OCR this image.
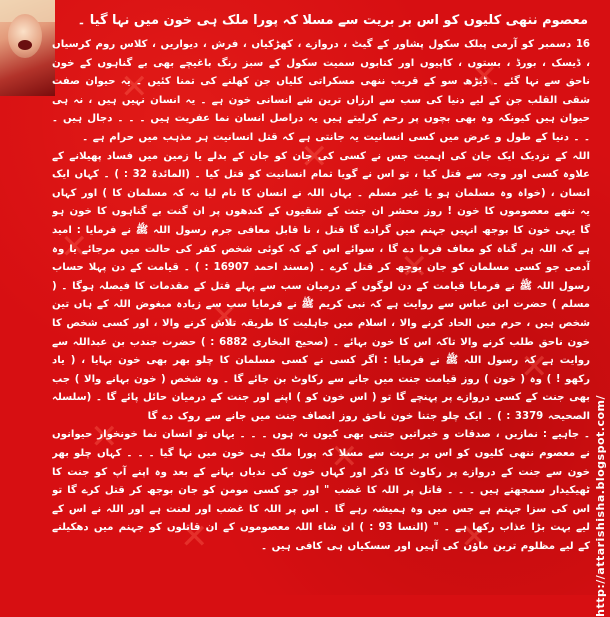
✕
✕
✕
✕
✕
✕
✕
✕	✕
✕	✕
معصوم ننھی کلیوں کو اس بر بریت سے مسلا کہ پورا ملک ہی خون میں نہا گیا ۔

16 دسمبر کو آرمی پبلک سکول پشاور کے گیٹ ، دروازے ، کھڑکیاں ، فرش ، دیواریں ، کلاس روم کرسیاں ، ڈیسک ، بورڈ ، بستوں ، کاپیوں اور کتابوں سمیت سکول کے سبز رنگ باغیچے بھی بے گناہوں کے خون ناحق سے نہا گئے ۔ ڈیڑھ سو کے قریب ننھی مسکراتی کلیاں جن کھلنے کی تمنا کئیں ۔ یہ حیوان صفت شقی القلب جن کے لیے دنیا کی سب سے ارزاں ترین شے انسانی خون ہے ۔ یہ انسان نہیں ہیں ، نہ ہی حیوان ہیں کیونکہ وہ بھی بچوں پر رحم کرلیتے ہیں یہ دراصل انسان نما عفریت ہیں ۔ ۔ ۔ دجال ہیں ۔ ۔ ۔ دنیا کے طول و عرض میں کسی انسانیت یہ جانتی ہے کہ قتل انسانیت ہر مذہب میں حرام ہے ۔

اللہ کے نزدیک ایک جان کی اہمیت جس نے کسی کی جان کو جان کے بدلے یا زمین میں فساد پھیلانے کے علاوہ کسی اور وجہ سے قتل کیا ، تو اس نے گویا تمام انسانیت کو قتل کیا ۔ (المائدۃ 32 : ) ۔ کہاں ایک انسان ، (خواہ وہ مسلمان ہو یا غیر مسلم ۔ یہاں اللہ نے انسان کا نام لیا نہ کہ مسلمان کا ) اور کہاں یہ ننھے معصوموں کا خون ! روز محشر ان جنت کے شقیوں کے کندھوں پر ان گنت بے گناہوں کا خون ہو گا یہی خون کا بوجھ انہیں جہنم میں گرادے گا قتل ، نا قابل معافی جرم رسول اللہ ﷺ نے فرمایا : امید ہے کہ اللہ ہر گناہ کو معاف فرما دے گا ، سوائے اس کے کہ کوئی شخص کفر کی حالت میں مرجائے یا وہ آدمی جو کسی مسلمان کو جان بوجھ کر قتل کرے ۔ (مسند احمد 16907 : ) ۔ قیامت کے دن پہلا حساب رسول اللہ ﷺ نے فرمایا قیامت کے دن لوگوں کے درمیان سب سے پہلے قتل کے مقدمات کا فیصلہ ہوگا ۔ ( مسلم ) حضرت ابن عباس سے روایت ہے کہ نبی کریم ﷺ نے فرمایا سب سے زیادہ مبغوض اللہ کے ہاں تین شخص ہیں ، حرم میں الحاد کرنے والا ، اسلام میں جاہلیت کا طریقہ تلاش کرنے والا ، اور کسی شخص کا خون ناحق طلب کرنے والا تاکہ اس کا خون بہائے ۔ (صحیح البخاری 6882 : ) حضرت جندب بن عبداللہ سے روایت ہے کہ رسول اللہ ﷺ نے فرمایا : اگر کسی نے کسی مسلمان کا چلو بھر بھی خون بہایا ، ( یاد رکھو ! ) وہ ( خون ) روز قیامت جنت میں جانے سے رکاوٹ بن جائے گا ۔ وہ شخص ( خون بہانے والا ) جب بھی جنت کے کسی دروازے پر پہنچے گا تو ( اس خون کو ) اپنے اور جنت کے درمیان حائل پائے گا ۔ (سلسلہ الصحیحہ 3379 : ) ۔ ایک چلو جتنا خون ناحق روز انصاف جنت میں جانے سے روک دے گا

۔ جاہیے : نمازیں ، صدقات و خیراتیں جتنی بھی کیوں نہ ہوں ۔ ۔ ۔ یہاں تو انسان نما خونخوار حیوانوں نے معصوم ننھی کلیوں کو اس بر بریت سے مسلا کہ پورا ملک ہی خون میں نہا گیا ۔ ۔ ۔ کہاں چلو بھر خون سے جنت کے دروازے پر رکاوٹ کا ذکر اور کہاں خون کی ندیاں بہانے کے بعد وہ اپنے آپ کو جنت کا ٹھیکیدار سمجھتے ہیں ۔ ۔ ۔ قاتل پر اللہ کا غضب " اور جو کسی مومن کو جان بوجھ کر قتل کرے گا تو اس کی سزا جہنم ہے جس میں وہ ہمیشہ رہے گا ۔ اس پر اللہ کا غضب اور لعنت ہے اور اللہ نے اس کے لیے بہت بڑا عذاب رکھا ہے ۔ " (النسا 93 : ) ان شاء اللہ معصوموں کے ان قاتلوں کو جہنم میں دھکیلنے کے لیے مظلوم ترین ماؤں کی آہیں اور سسکیاں ہی کافی ہیں ۔ http://attarishisha.blogspot.com/
